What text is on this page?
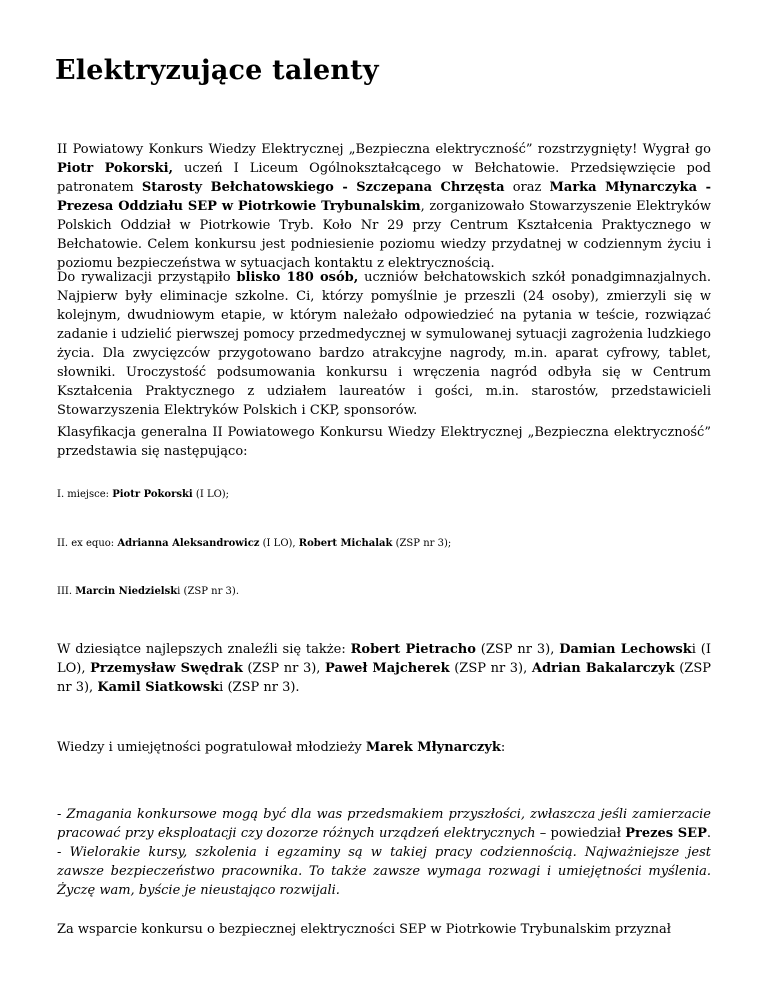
Elektryzujące talenty

II Powiatowy Konkurs Wiedzy Elektrycznej „Bezpieczna elektryczność” rozstrzygnięty! Wygrał go Piotr Pokorski, uczeń I Liceum Ogólnokształcącego w Bełchatowie. Przedsięwzięcie pod patronatem Starosty Bełchatowskiego - Szczepana Chrzęsta oraz Marka Młynarczyka - Prezesa Oddziału SEP w Piotrkowie Trybunalskim, zorganizowało Stowarzyszenie Elektryków Polskich Oddział w Piotrkowie Tryb. Koło Nr 29 przy Centrum Kształcenia Praktycznego w Bełchatowie. Celem konkursu jest podniesienie poziomu wiedzy przydatnej w codziennym życiu i poziomu bezpieczeństwa w sytuacjach kontaktu z elektrycznością.

Do rywalizacji przystąpiło blisko 180 osób, uczniów bełchatowskich szkół ponadgimnazjalnych. Najpierw były eliminacje szkolne. Ci, którzy pomyślnie je przeszli (24 osoby), zmierzyli się w kolejnym, dwudniowym etapie, w którym należało odpowiedzieć na pytania w teście, rozwiązać zadanie i udzielić pierwszej pomocy przedmedycznej w symulowanej sytuacji zagrożenia ludzkiego życia. Dla zwycięzców przygotowano bardzo atrakcyjne nagrody, m.in. aparat cyfrowy, tablet, słowniki. Uroczystość podsumowania konkursu i wręczenia nagród odbyła się w Centrum Kształcenia Praktycznego z udziałem laureatów i gości, m.in. starostów, przedstawicieli Stowarzyszenia Elektryków Polskich i CKP, sponsorów.

Klasyfikacja generalna II Powiatowego Konkursu Wiedzy Elektrycznej „Bezpieczna elektryczność” przedstawia się następująco:

I. miejsce: Piotr Pokorski (I LO);

II. ex equo: Adrianna Aleksandrowicz (I LO), Robert Michalak (ZSP nr 3);

III. Marcin Niedzielski (ZSP nr 3).

W dziesiątce najlepszych znaleźli się także: Robert Pietracho (ZSP nr 3), Damian Lechowski (I LO), Przemysław Swędrak (ZSP nr 3), Paweł Majcherek (ZSP nr 3), Adrian Bakalarczyk (ZSP nr 3), Kamil Siatkowski (ZSP nr 3).

Wiedzy i umiejętności pogratulował młodzieży Marek Młynarczyk:

- Zmagania konkursowe mogą być dla was przedsmakiem przyszłości, zwłaszcza jeśli zamierzacie pracować przy eksploatacji czy dozorze różnych urządzeń elektrycznych – powiedział Prezes SEP. - Wielorakie kursy, szkolenia i egzaminy są w takiej pracy codziennością. Najważniejsze jest zawsze bezpieczeństwo pracownika. To także zawsze wymaga rozwagi i umiejętności myślenia. Życzę wam, byście je nieustająco rozwijali.

Za wsparcie konkursu o bezpiecznej elektryczności SEP w Piotrkowie Trybunalskim przyznał
